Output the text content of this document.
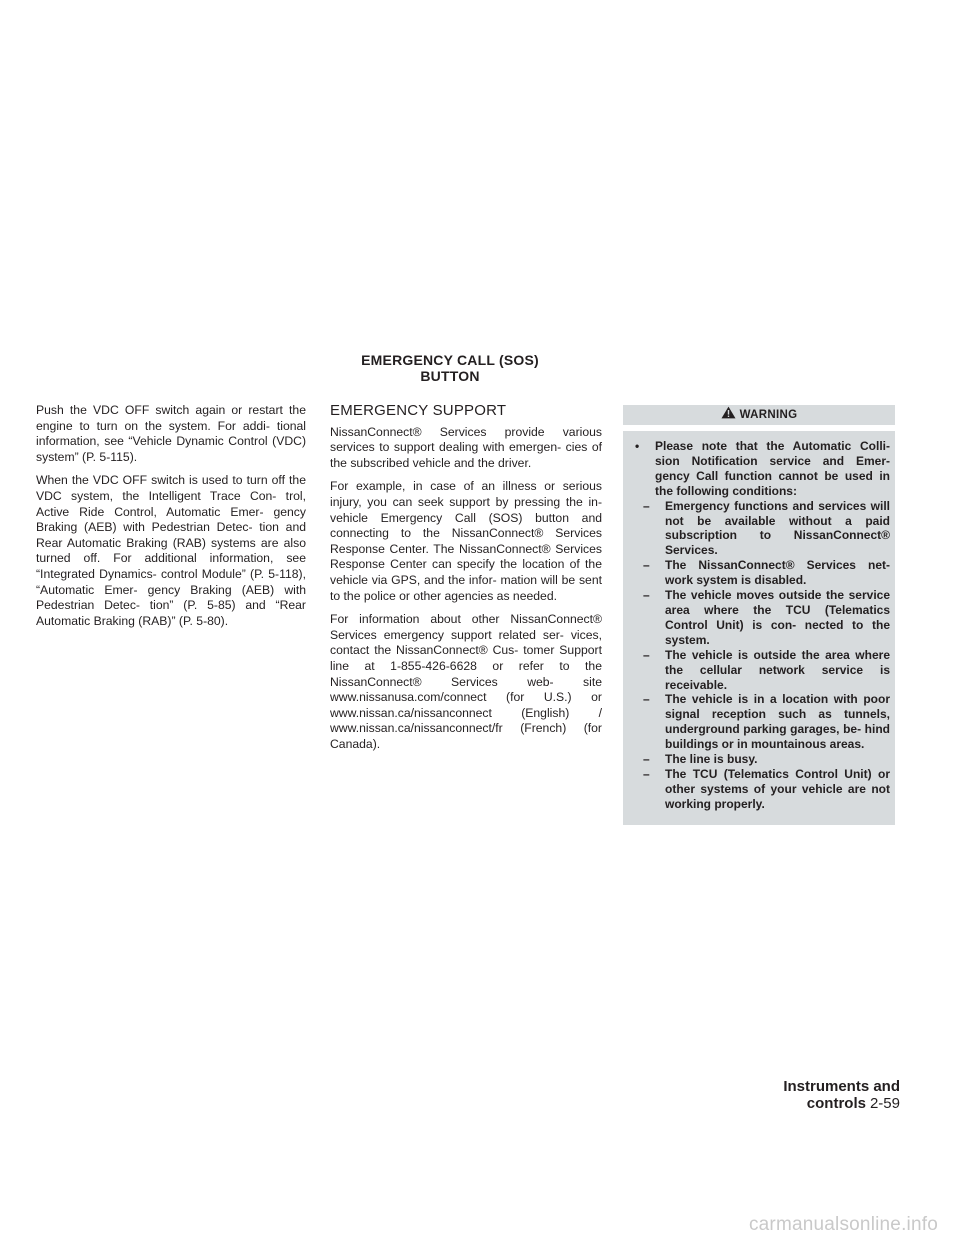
EMERGENCY CALL (SOS) BUTTON

Push the VDC OFF switch again or restart the engine to turn on the system. For addi- tional information, see “Vehicle Dynamic Control (VDC) system” (P. 5-115).

When the VDC OFF switch is used to turn off the VDC system, the Intelligent Trace Con- trol, Active Ride Control, Automatic Emer- gency Braking (AEB) with Pedestrian Detec- tion and Rear Automatic Braking (RAB) systems are also turned off. For additional information, see “Integrated Dynamics- control Module” (P. 5-118), “Automatic Emer- gency Braking (AEB) with Pedestrian Detec- tion” (P. 5-85) and “Rear Automatic Braking (RAB)” (P. 5-80).

EMERGENCY SUPPORT

NissanConnect® Services provide various services to support dealing with emergen- cies of the subscribed vehicle and the driver.

For example, in case of an illness or serious injury, you can seek support by pressing the in-vehicle Emergency Call (SOS) button and connecting to the NissanConnect® Services Response Center. The NissanConnect® Services Response Center can specify the location of the vehicle via GPS, and the infor- mation will be sent to the police or other agencies as needed.

For information about other NissanConnect® Services emergency support related ser- vices, contact the NissanConnect® Cus- tomer Support line at 1-855-426-6628 or refer to the NissanConnect® Services web- site www.nissanusa.com/connect (for U.S.) or www.nissan.ca/nissanconnect (English) / www.nissan.ca/nissanconnect/fr (French) (for Canada).

WARNING
•	Please note that the Automatic Colli- sion Notification service and Emer- gency Call function cannot be used in the following conditions:
–	Emergency functions and services will not be available without a paid subscription to NissanConnect® Services.
–	The NissanConnect® Services net- work system is disabled.
–	The vehicle moves outside the service area where the TCU (Telematics Control Unit) is con- nected to the system.
–	The vehicle is outside the area where the cellular network service is receivable.
–	The vehicle is in a location with poor signal reception such as tunnels, underground parking garages, be- hind buildings or in mountainous areas.
–	The line is busy.
–	The TCU (Telematics Control Unit) or other systems of your vehicle are not working properly.
Instruments and controls 2-59
carmanualsonline.info
